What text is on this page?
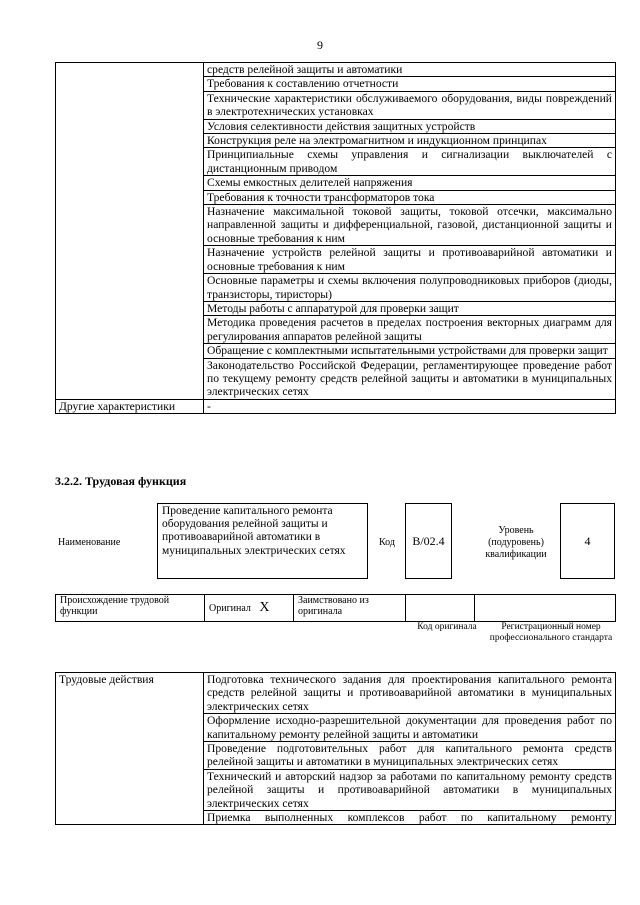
9
	средств релейной защиты и автоматики
	Требования к составлению отчетности
	Технические характеристики обслуживаемого оборудования, виды повреждений в электротехнических установках
	Условия селективности действия защитных устройств
	Конструкция реле на электромагнитном и индукционном принципах
	Принципиальные схемы управления и сигнализации выключателей с дистанционным приводом
	Схемы емкостных делителей напряжения
	Требования к точности трансформаторов тока
	Назначение максимальной токовой защиты, токовой отсечки, максимально направленной защиты и дифференциальной, газовой, дистанционной защиты и основные требования к ним
	Назначение устройств релейной защиты и противоаварийной автоматики и основные требования к ним
	Основные параметры и схемы включения полупроводниковых приборов (диоды, транзисторы, тиристоры)
	Методы работы с аппаратурой для проверки защит
	Методика проведения расчетов в пределах построения векторных диаграмм для регулирования аппаратов релейной защиты
	Обращение с комплектными испытательными устройствами для проверки защит
	Законодательство Российской Федерации, регламентирующее проведение работ по текущему ремонту средств релейной защиты и автоматики в муниципальных электрических сетях
Другие характеристики	-
3.2.2. Трудовая функция
Наименование
Проведение капитального ремонта оборудования релейной защиты и противоаварийной автоматики в муниципальных электрических сетях
Код	В/02.4
Уровень (подуровень) квалификации
4
Происхождение трудовой функции	Оригинал X	Заимствовано из оригинала		
Код оригинала	Регистрационный номер профессионального стандарта
Трудовые действия	Подготовка технического задания для проектирования капитального ремонта средств релейной защиты и противоаварийной автоматики в муниципальных электрических сетях
Оформление исходно-разрешительной документации для проведения работ по капитальному ремонту релейной защиты и автоматики
Проведение подготовительных работ для капитального ремонта средств релейной защиты и автоматики в муниципальных электрических сетях
Технический и авторский надзор за работами по капитальному ремонту средств релейной защиты и противоаварийной автоматики в муниципальных электрических сетях
Приемка выполненных комплексов работ по капитальному ремонту
